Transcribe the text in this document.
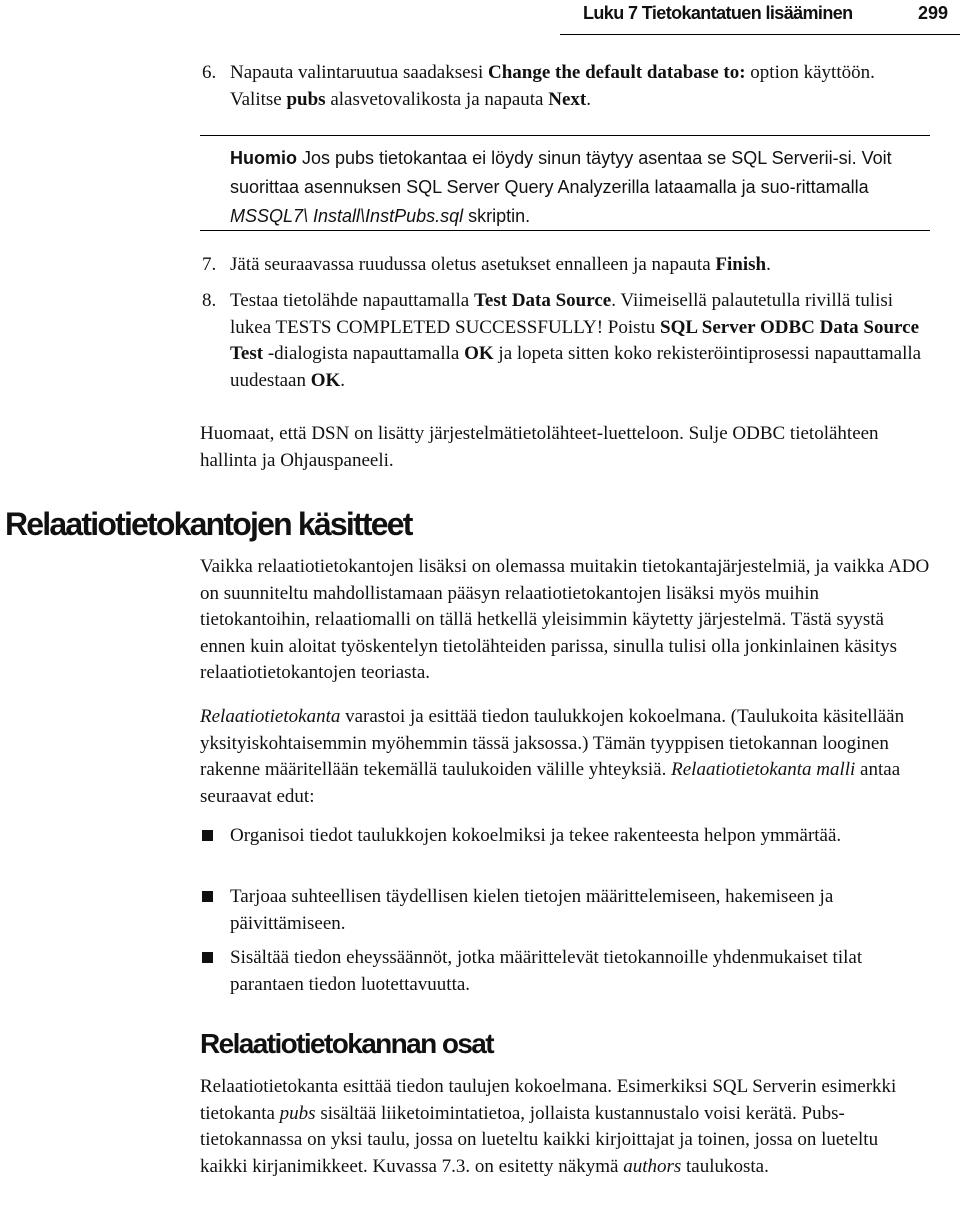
Luku 7 Tietokantatuen lisääminen	299
6. Napauta valintaruutua saadaksesi Change the default database to: option käyttöön. Valitse pubs alasvetovalikosta ja napauta Next.
Huomio Jos pubs tietokantaa ei löydy sinun täytyy asentaa se SQL Serverii-si. Voit suorittaa asennuksen SQL Server Query Analyzerilla lataamalla ja suo-rittamalla MSSQL7\ Install\InstPubs.sql skriptin.
7. Jätä seuraavassa ruudussa oletus asetukset ennalleen ja napauta Finish.
8. Testaa tietolähde napauttamalla Test Data Source. Viimeisellä palautetulla rivillä tulisi lukea TESTS COMPLETED SUCCESSFULLY! Poistu SQL Server ODBC Data Source Test -dialogista napauttamalla OK ja lopeta sitten koko rekisteröintiprosessi napauttamalla uudestaan OK.

Huomaat, että DSN on lisätty järjestelmätietolähteet-luetteloon. Sulje ODBC tietolähteen hallinta ja Ohjauspaneeli.

Relaatiotietokantojen käsitteet

Vaikka relaatiotietokantojen lisäksi on olemassa muitakin tietokantajärjestelmiä, ja vaikka ADO on suunniteltu mahdollistamaan pääsyn relaatiotietokantojen lisäksi myös muihin tietokantoihin, relaatiomalli on tällä hetkellä yleisimmin käytetty järjestelmä. Tästä syystä ennen kuin aloitat työskentelyn tietolähteiden parissa, sinulla tulisi olla jonkinlainen käsitys relaatiotietokantojen teoriasta.

Relaatiotietokanta varastoi ja esittää tiedon taulukkojen kokoelmana. (Taulukoita käsitellään yksityiskohtaisemmin myöhemmin tässä jaksossa.) Tämän tyyppisen tietokannan looginen rakenne määritellään tekemällä taulukoiden välille yhteyksiä. Relaatiotietokanta malli antaa seuraavat edut:

Organisoi tiedot taulukkojen kokoelmiksi ja tekee rakenteesta helpon ymmärtää.
Tarjoaa suhteellisen täydellisen kielen tietojen määrittelemiseen, hakemiseen ja päivittämiseen.
Sisältää tiedon eheyssäännöt, jotka määrittelevät tietokannoille yhdenmukaiset tilat parantaen tiedon luotettavuutta.
Relaatiotietokannan osat

Relaatiotietokanta esittää tiedon taulujen kokoelmana. Esimerkiksi SQL Serverin esimerkki tietokanta pubs sisältää liiketoimintatietoa, jollaista kustannustalo voisi kerätä. Pubs-tietokannassa on yksi taulu, jossa on lueteltu kaikki kirjoittajat ja toinen, jossa on lueteltu kaikki kirjanimikkeet. Kuvassa 7.3. on esitetty näkymä authors taulukosta.
